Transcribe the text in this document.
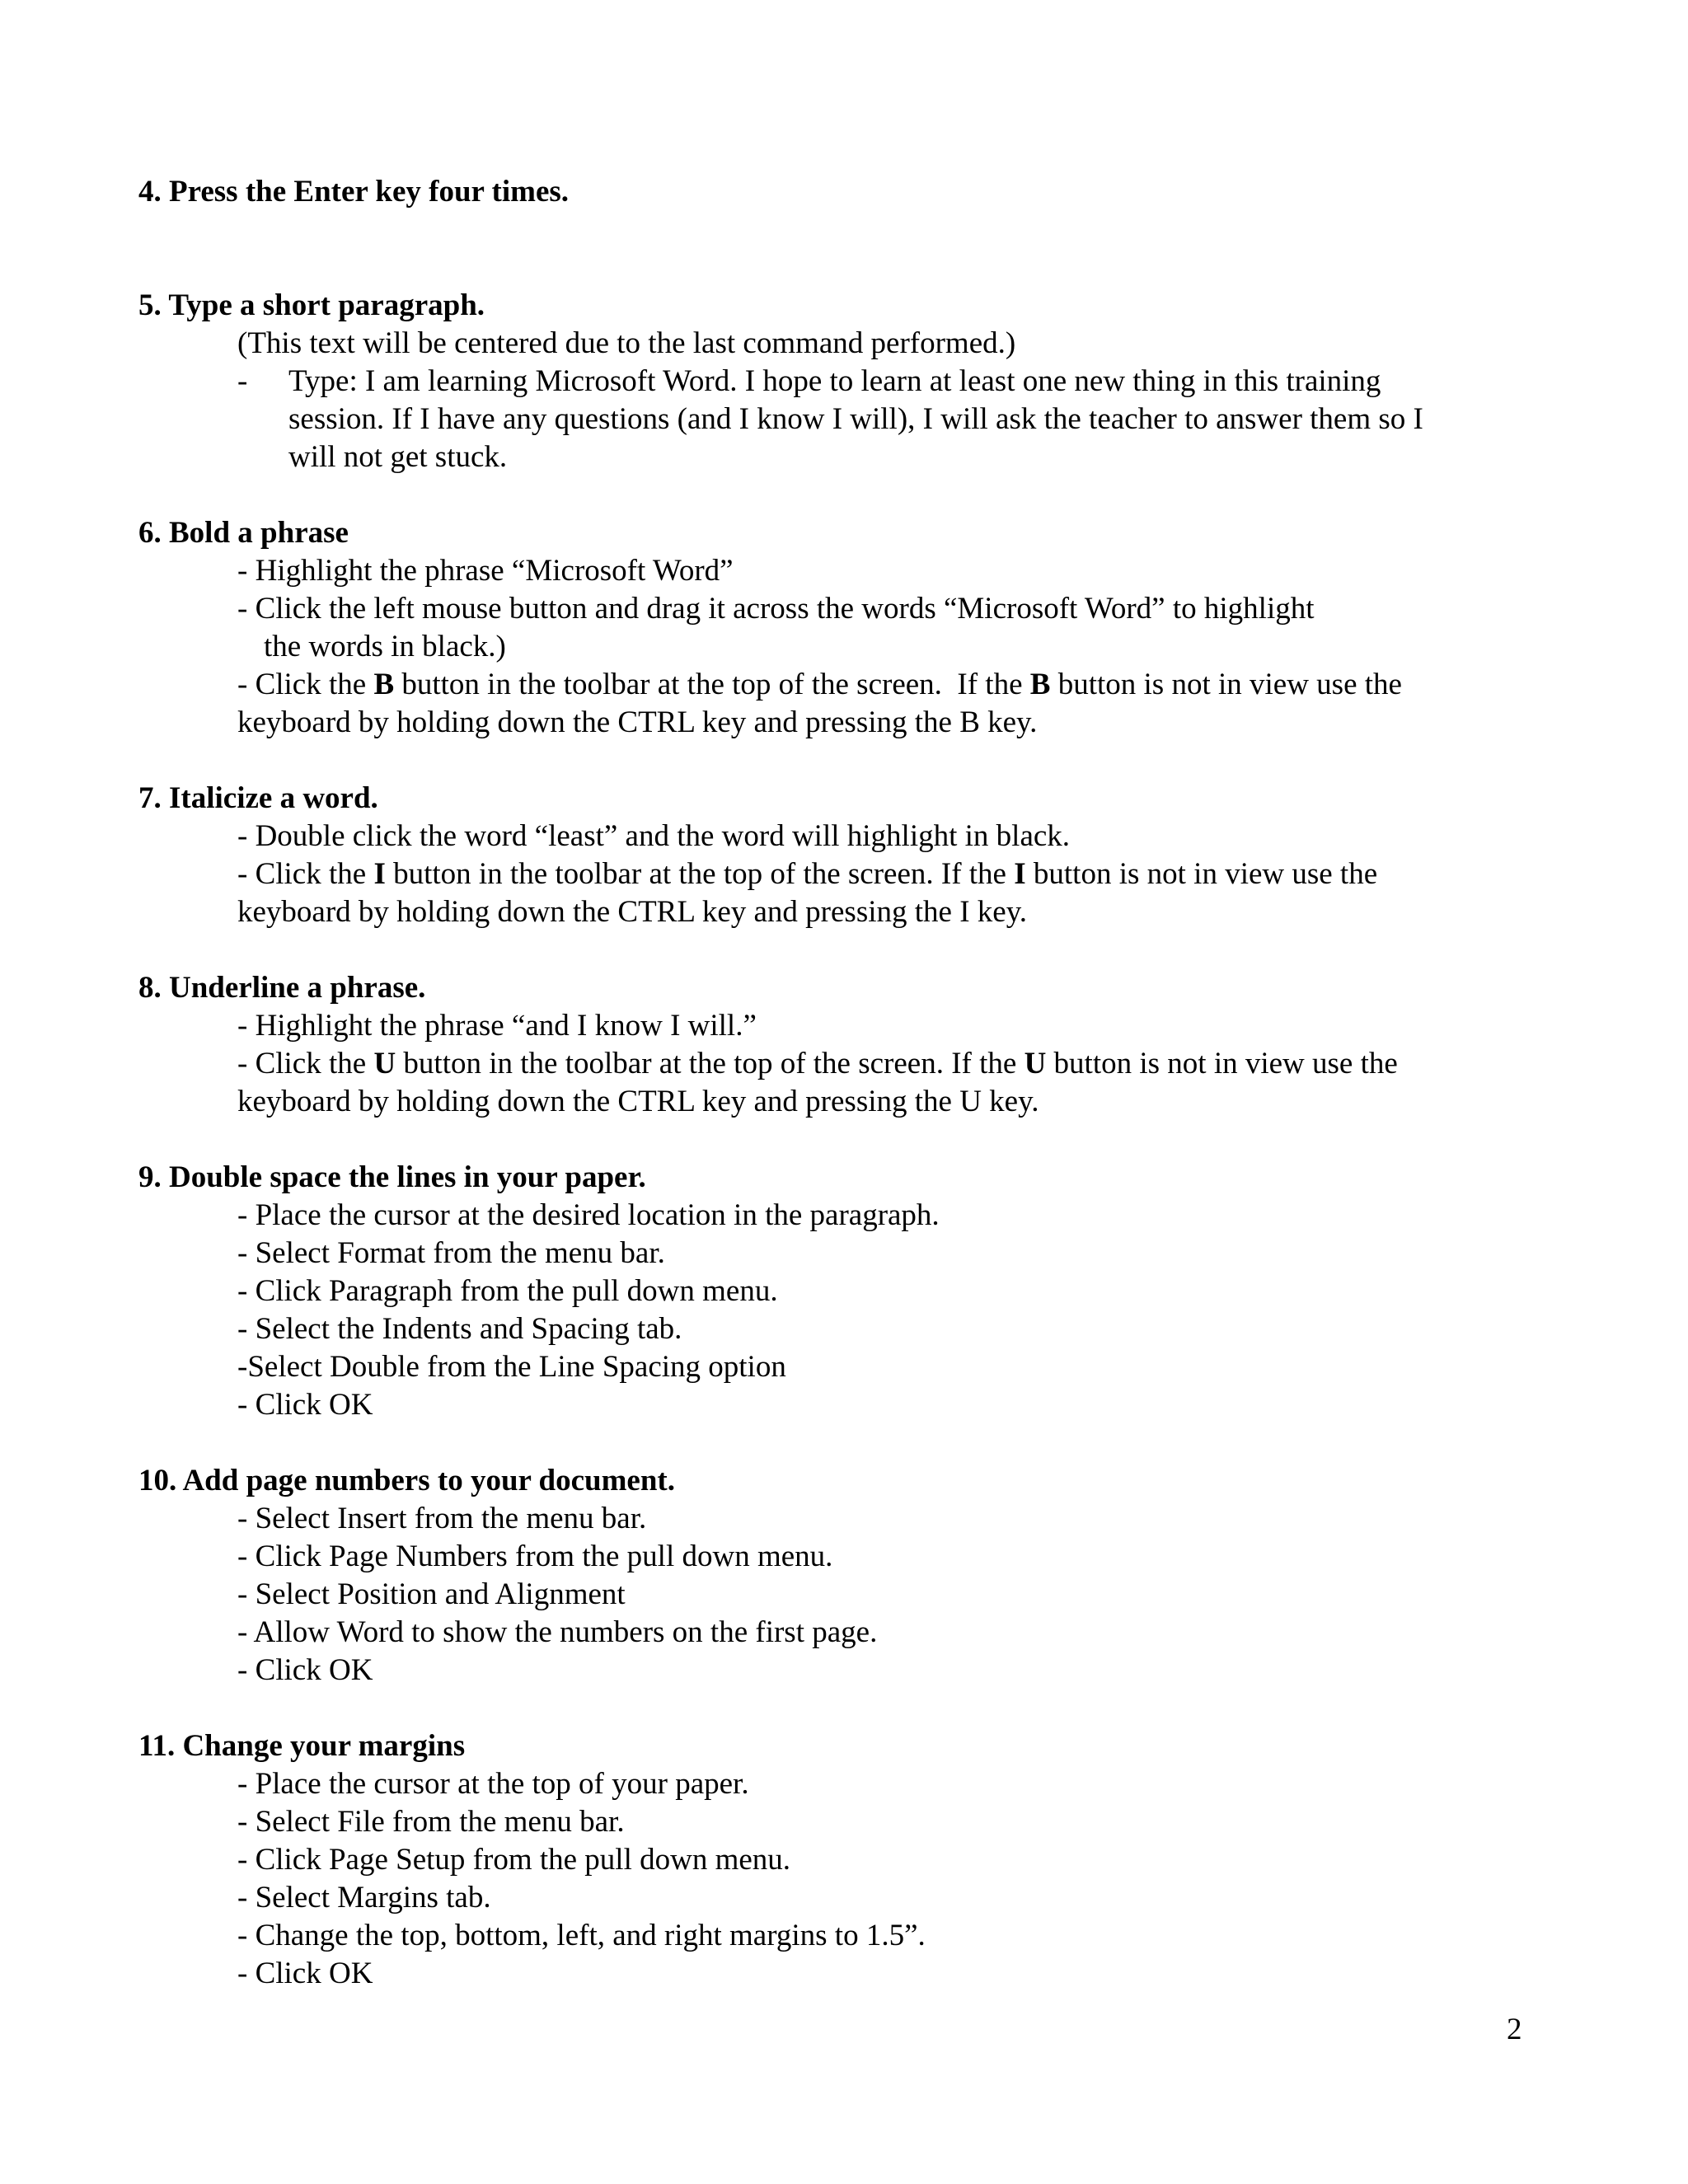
4. Press the Enter key four times.

5. Type a short paragraph.

(This text will be centered due to the last command performed.)

- Type: I am learning Microsoft Word. I hope to learn at least one new thing in this training
session. If I have any questions (and I know I will), I will ask the teacher to answer them so I
will not get stuck.

6. Bold a phrase

- Highlight the phrase “Microsoft Word”

- Click the left mouse button and drag it across the words “Microsoft Word” to highlight

the words in black.)

- Click the B button in the toolbar at the top of the screen.  If the B button is not in view use the

keyboard by holding down the CTRL key and pressing the B key.

7. Italicize a word.

- Double click the word “least” and the word will highlight in black.

- Click the I button in the toolbar at the top of the screen. If the I button is not in view use the

keyboard by holding down the CTRL key and pressing the I key.

8. Underline a phrase.

- Highlight the phrase “and I know I will.”

- Click the U button in the toolbar at the top of the screen. If the U button is not in view use the

keyboard by holding down the CTRL key and pressing the U key.

9. Double space the lines in your paper.

- Place the cursor at the desired location in the paragraph.

- Select Format from the menu bar.

- Click Paragraph from the pull down menu.

- Select the Indents and Spacing tab.

-Select Double from the Line Spacing option

- Click OK

10. Add page numbers to your document.

- Select Insert from the menu bar.

- Click Page Numbers from the pull down menu.

- Select Position and Alignment

- Allow Word to show the numbers on the first page.

- Click OK

11. Change your margins

- Place the cursor at the top of your paper.

- Select File from the menu bar.

- Click Page Setup from the pull down menu.

- Select Margins tab.

- Change the top, bottom, left, and right margins to 1.5”.

- Click OK

2
